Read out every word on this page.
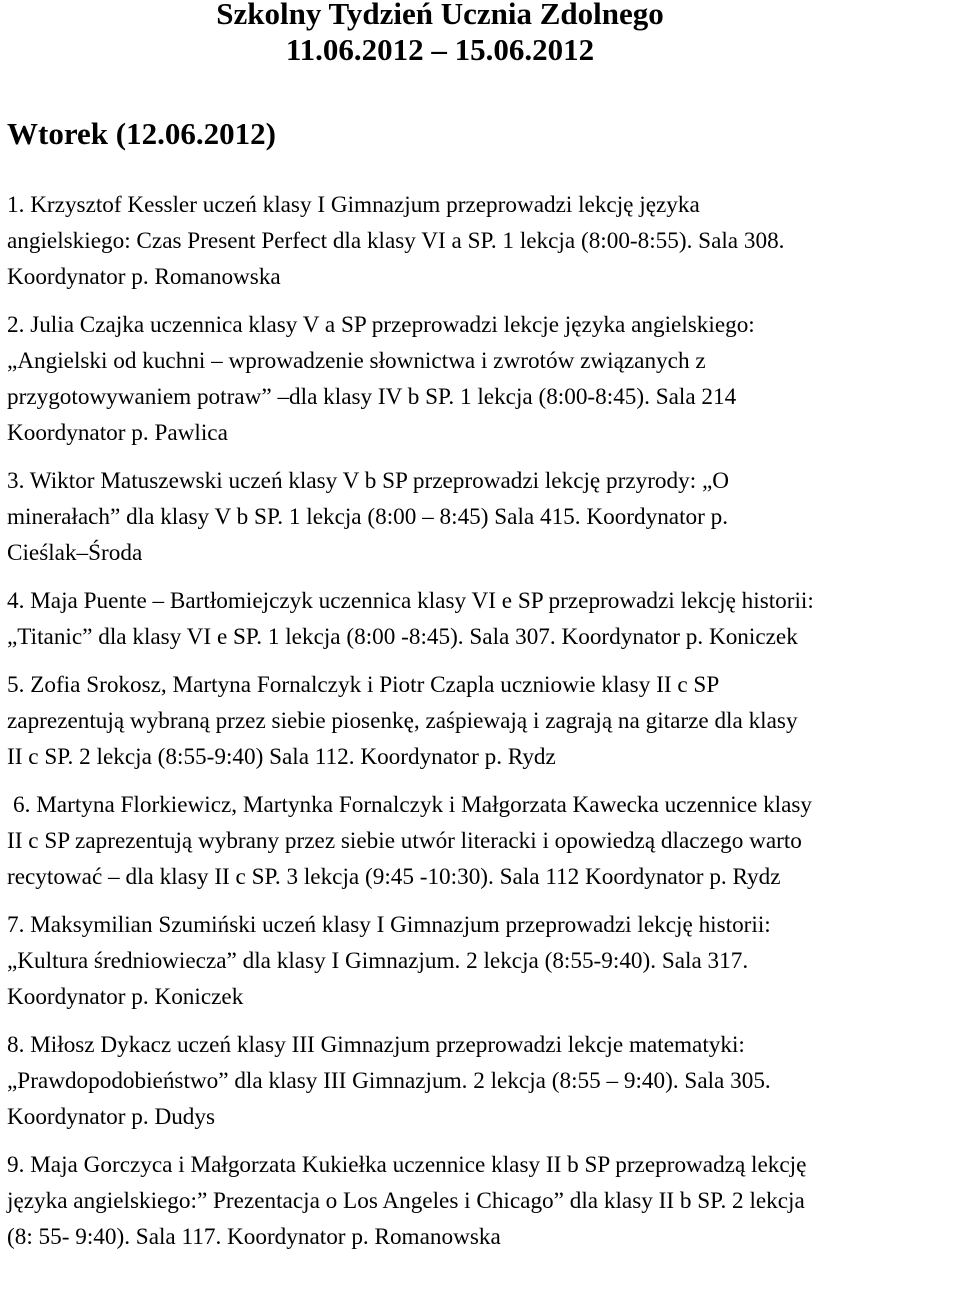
Szkolny Tydzień Ucznia Zdolnego
11.06.2012 – 15.06.2012
Wtorek (12.06.2012)
1. Krzysztof Kessler uczeń klasy I Gimnazjum przeprowadzi lekcję języka
angielskiego: Czas Present Perfect dla klasy VI a SP. 1 lekcja (8:00-8:55). Sala 308.
Koordynator p. Romanowska
2. Julia Czajka uczennica klasy V a SP przeprowadzi lekcje języka angielskiego:
„Angielski od kuchni – wprowadzenie słownictwa i zwrotów związanych z
przygotowywaniem potraw” –dla klasy IV b SP. 1 lekcja (8:00-8:45). Sala 214
Koordynator p. Pawlica
3. Wiktor Matuszewski uczeń klasy V b SP przeprowadzi lekcję przyrody: „O
minerałach” dla klasy V b SP. 1 lekcja (8:00 – 8:45) Sala 415. Koordynator p.
Cieślak–Środa
4. Maja Puente – Bartłomiejczyk uczennica klasy VI e SP przeprowadzi lekcję historii:
„Titanic” dla klasy VI e SP. 1 lekcja (8:00 -8:45). Sala 307. Koordynator p. Koniczek
5. Zofia Srokosz, Martyna Fornalczyk i Piotr Czapla uczniowie klasy II c SP
zaprezentują wybraną przez siebie piosenkę, zaśpiewają i zagrają na gitarze dla klasy
II c SP. 2 lekcja (8:55-9:40) Sala 112. Koordynator p. Rydz
6. Martyna Florkiewicz, Martynka Fornalczyk i Małgorzata Kawecka uczennice klasy
II c SP zaprezentują wybrany przez siebie utwór literacki i opowiedzą dlaczego warto
recytować – dla klasy II c SP. 3 lekcja (9:45 -10:30). Sala 112 Koordynator p. Rydz
7. Maksymilian Szumiński uczeń klasy I Gimnazjum przeprowadzi lekcję historii:
„Kultura średniowiecza” dla klasy I Gimnazjum. 2 lekcja (8:55-9:40). Sala 317.
Koordynator p. Koniczek
8. Miłosz Dykacz uczeń klasy III Gimnazjum przeprowadzi lekcje matematyki:
„Prawdopodobieństwo” dla klasy III Gimnazjum. 2 lekcja (8:55 – 9:40). Sala 305.
Koordynator p. Dudys
9. Maja Gorczyca i Małgorzata Kukiełka uczennice klasy II b SP przeprowadzą lekcję
języka angielskiego:” Prezentacja o Los Angeles i Chicago” dla klasy II b SP. 2 lekcja
(8: 55- 9:40). Sala 117. Koordynator p. Romanowska
